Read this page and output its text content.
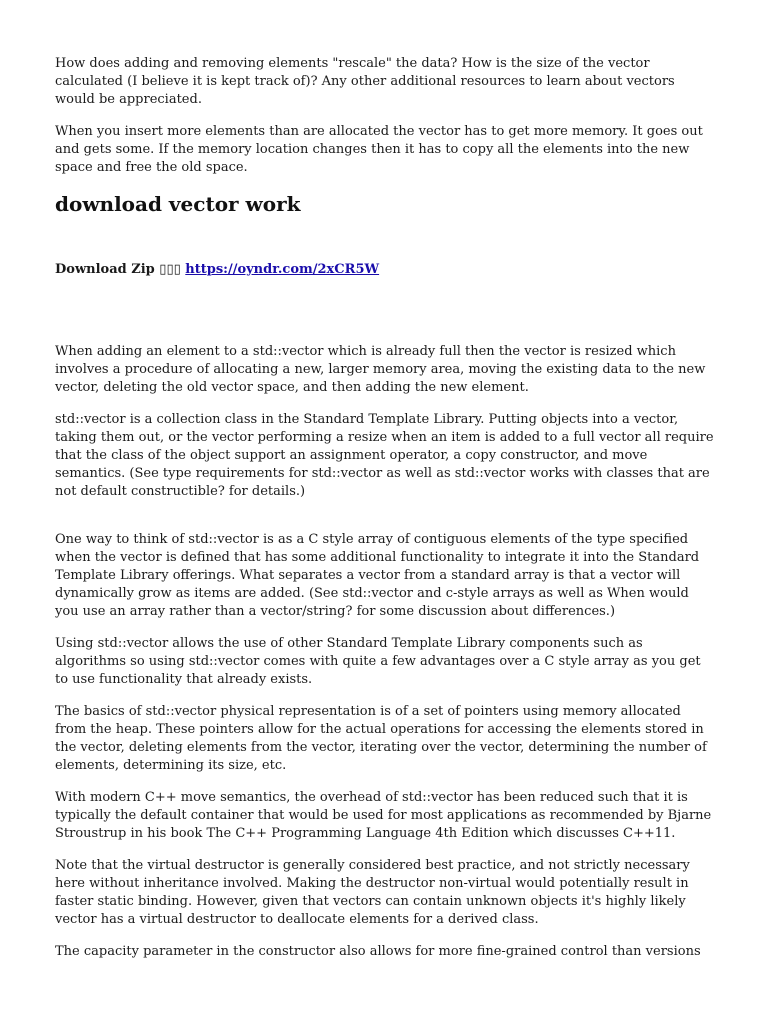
How does adding and removing elements "rescale" the data? How is the size of the vector calculated (I believe it is kept track of)? Any other additional resources to learn about vectors would be appreciated.

When you insert more elements than are allocated the vector has to get more memory. It goes out and gets some. If the memory location changes then it has to copy all the elements into the new space and free the old space.

download vector work

Download Zip ▯▯▯ https://oyndr.com/2xCR5W

When adding an element to a std::vector which is already full then the vector is resized which involves a procedure of allocating a new, larger memory area, moving the existing data to the new vector, deleting the old vector space, and then adding the new element.

std::vector is a collection class in the Standard Template Library. Putting objects into a vector, taking them out, or the vector performing a resize when an item is added to a full vector all require that the class of the object support an assignment operator, a copy constructor, and move semantics. (See type requirements for std::vector as well as std::vector works with classes that are not default constructible? for details.)

One way to think of std::vector is as a C style array of contiguous elements of the type specified when the vector is defined that has some additional functionality to integrate it into the Standard Template Library offerings. What separates a vector from a standard array is that a vector will dynamically grow as items are added. (See std::vector and c-style arrays as well as When would you use an array rather than a vector/string? for some discussion about differences.)

Using std::vector allows the use of other Standard Template Library components such as algorithms so using std::vector comes with quite a few advantages over a C style array as you get to use functionality that already exists.

The basics of std::vector physical representation is of a set of pointers using memory allocated from the heap. These pointers allow for the actual operations for accessing the elements stored in the vector, deleting elements from the vector, iterating over the vector, determining the number of elements, determining its size, etc.

With modern C++ move semantics, the overhead of std::vector has been reduced such that it is typically the default container that would be used for most applications as recommended by Bjarne Stroustrup in his book The C++ Programming Language 4th Edition which discusses C++11.

Note that the virtual destructor is generally considered best practice, and not strictly necessary here without inheritance involved. Making the destructor non-virtual would potentially result in faster static binding. However, given that vectors can contain unknown objects it's highly likely vector has a virtual destructor to deallocate elements for a derived class.

The capacity parameter in the constructor also allows for more fine-grained control than versions
